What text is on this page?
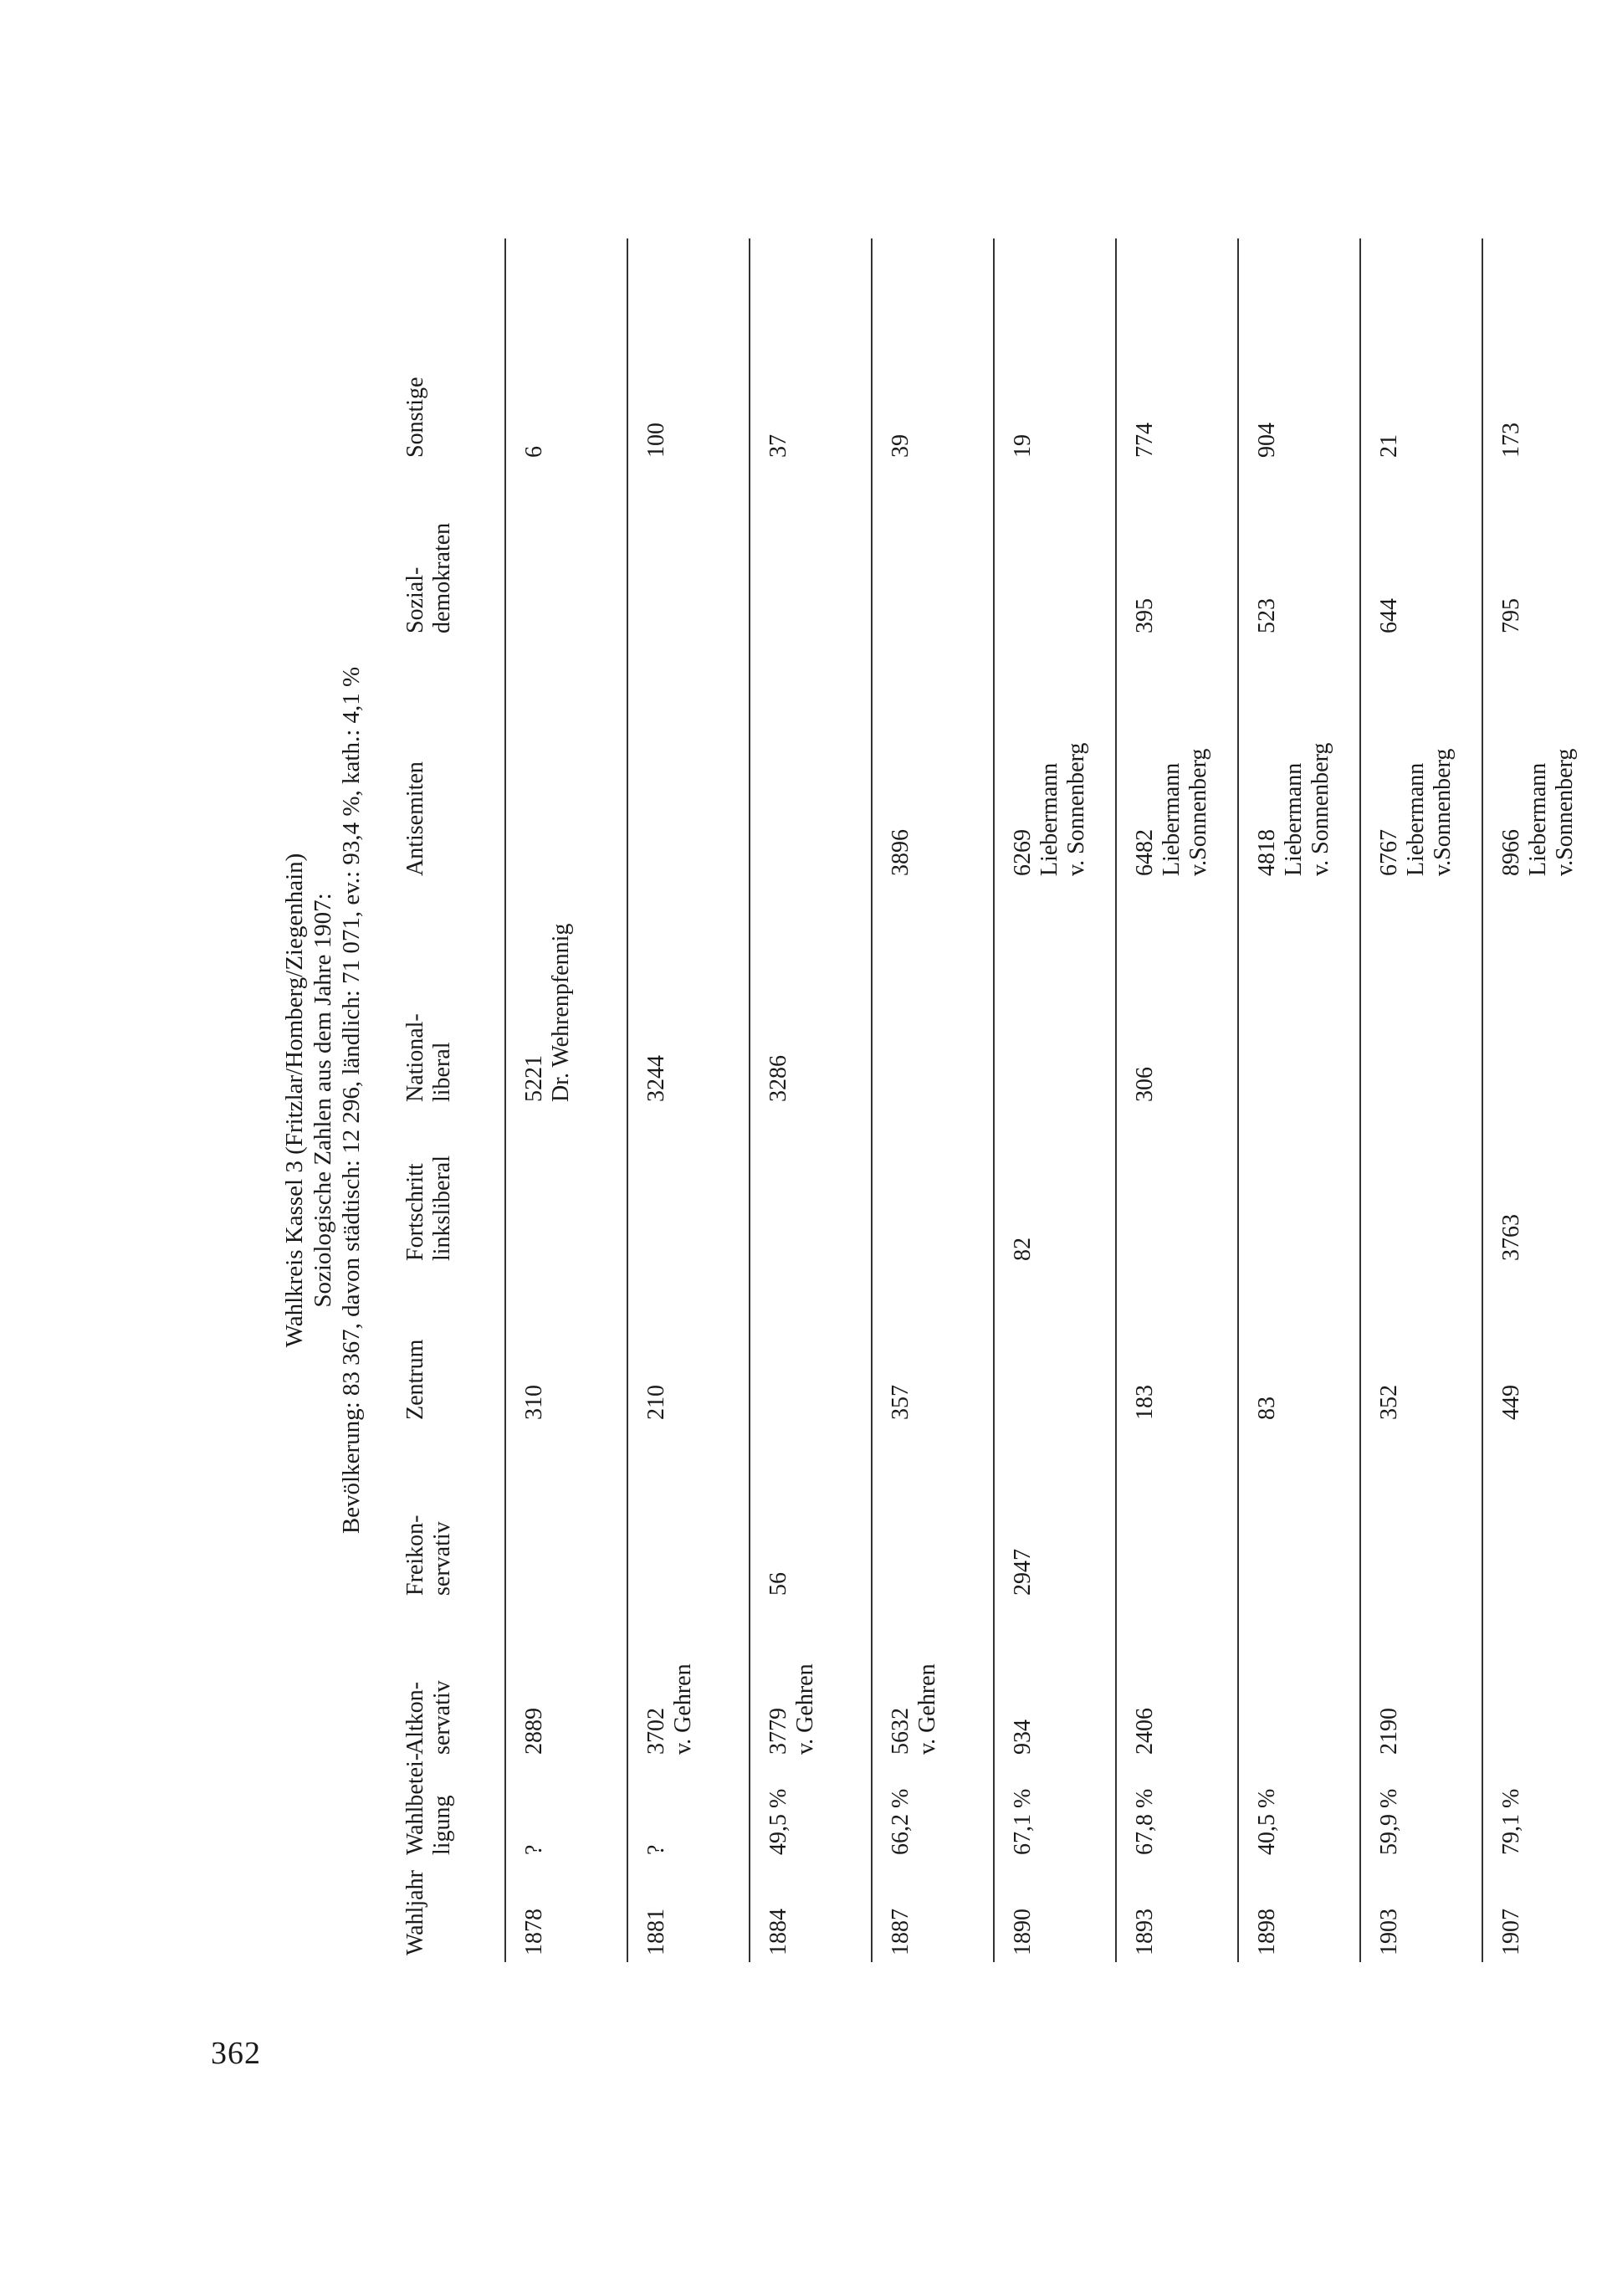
362
Wahlkreis Kassel 3 (Fritzlar/Homberg/Ziegenhain) Soziologische Zahlen aus dem Jahre 1907: Bevölkerung: 83 367, davon städtisch: 12 296, ländlich: 71 071, ev.: 93,4 %, kath.: 4,1 %
Wahljahr	Wahlbetei- ligung	Altkon- servativ	Freikon- servativ	Zentrum	Fortschritt linksliberal	National- liberal	Antisemiten	Sozial- demokraten	Sonstige

1878	?	2889		310		5221 Dr. Wehrenpfennig			6

1881	?	3702 v. Gehren		210		3244			100

1884	49,5 %	3779 v. Gehren	56			3286			37

1887	66,2 %	5632 v. Gehren		357			3896		39

1890	67,1 %	934	2947		82		6269 Liebermann v. Sonnenberg		19

1893	67,8 %	2406		183		306	6482 Liebermann v.Sonnenberg	395	774

1898	40,5 %			83			4818 Liebermann v. Sonnenberg	523	904

1903	59,9 %	2190		352			6767 Liebermann v.Sonnenberg	644	21

1907	79,1 %			449	3763		8966 Liebermann v.Sonnenberg	795	173
